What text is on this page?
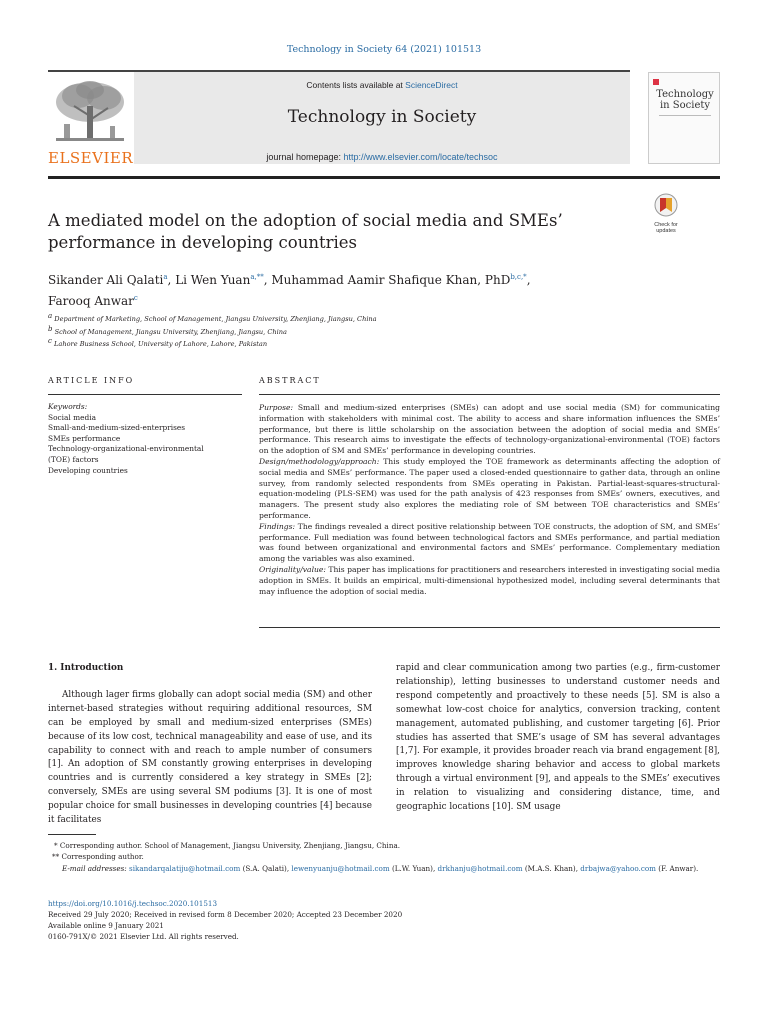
Technology in Society 64 (2021) 101513
ELSEVIER
Contents lists available at ScienceDirect
Technology in Society
journal homepage: http://www.elsevier.com/locate/techsoc
Technology
in Society
A mediated model on the adoption of social media and SMEs’ performance in developing countries
Check for updates
Sikander Ali Qalati$^a$, Li Wen Yuan$^{a,**}$, Muhammad Aamir Shafique Khan, PhD$^{b,c,*}$,
Farooq Anwar$^c$
$^a$ Department of Marketing, School of Management, Jiangsu University, Zhenjiang, Jiangsu, China
$^b$ School of Management, Jiangsu University, Zhenjiang, Jiangsu, China
$^c$ Lahore Business School, University of Lahore, Lahore, Pakistan
ARTICLE INFO	ABSTRACT
Keywords:
Social media
Small-and-medium-sized-enterprises
SMEs performance
Technology-organizational-environmental
(TOE) factors
Developing countries

Purpose: Small and medium-sized enterprises (SMEs) can adopt and use social media (SM) for communicating information with stakeholders with minimal cost. The ability to access and share information influences the SMEs’ performance, but there is little scholarship on the association between the adoption of social media and SMEs’ performance. This research aims to investigate the effects of technology-organizational-environmental (TOE) factors on the adoption of SM and SMEs’ performance in developing countries.

Design/methodology/approach: This study employed the TOE framework as determinants affecting the adoption of social media and SMEs’ performance. The paper used a closed-ended questionnaire to gather data, through an online survey, from randomly selected respondents from SMEs operating in Pakistan. Partial-least-squares-structural-equation-modeling (PLS-SEM) was used for the path analysis of 423 responses from SMEs’ owners, executives, and managers. The present study also explores the mediating role of SM between TOE characteristics and SMEs’ performance.

Findings: The findings revealed a direct positive relationship between TOE constructs, the adoption of SM, and SMEs’ performance. Full mediation was found between technological factors and SMEs performance, and partial mediation was found between organizational and environmental factors and SMEs’ performance. Complementary mediation among the variables was also examined.

Originality/value: This paper has implications for practitioners and researchers interested in investigating social media adoption in SMEs. It builds an empirical, multi-dimensional hypothesized model, including several determinants that may influence the adoption of social media.

1. Introduction

Although lager firms globally can adopt social media (SM) and other internet-based strategies without requiring additional resources, SM can be employed by small and medium-sized enterprises (SMEs) because of its low cost, technical manageability and ease of use, and its capability to connect with and reach to ample number of consumers [1]. An adoption of SM constantly growing enterprises in developing countries and is currently considered a key strategy in SMEs [2]; conversely, SMEs are using several SM podiums [3]. It is one of most popular choice for small businesses in developing countries [4] because it facilitates

rapid and clear communication among two parties (e.g., firm-customer relationship), letting businesses to understand customer needs and respond competently and proactively to these needs [5]. SM is also a somewhat low-cost choice for analytics, conversion tracking, content management, automated publishing, and customer targeting [6]. Prior studies has asserted that SME’s usage of SM has several advantages [1,7]. For example, it provides broader reach via brand engagement [8], improves knowledge sharing behavior and access to global markets through a virtual environment [9], and appeals to the SMEs’ executives in relation to visualizing and considering distance, time, and geographic locations [10]. SM usage

* Corresponding author. School of Management, Jiangsu University, Zhenjiang, Jiangsu, China.
** Corresponding author.
E-mail addresses: sikandarqalatiju@hotmail.com (S.A. Qalati), lewenyuanju@hotmail.com (L.W. Yuan), drkhanju@hotmail.com (M.A.S. Khan), drbajwa@yahoo.com (F. Anwar).
https://doi.org/10.1016/j.techsoc.2020.101513
Received 29 July 2020; Received in revised form 8 December 2020; Accepted 23 December 2020
Available online 9 January 2021
0160-791X/© 2021 Elsevier Ltd. All rights reserved.
